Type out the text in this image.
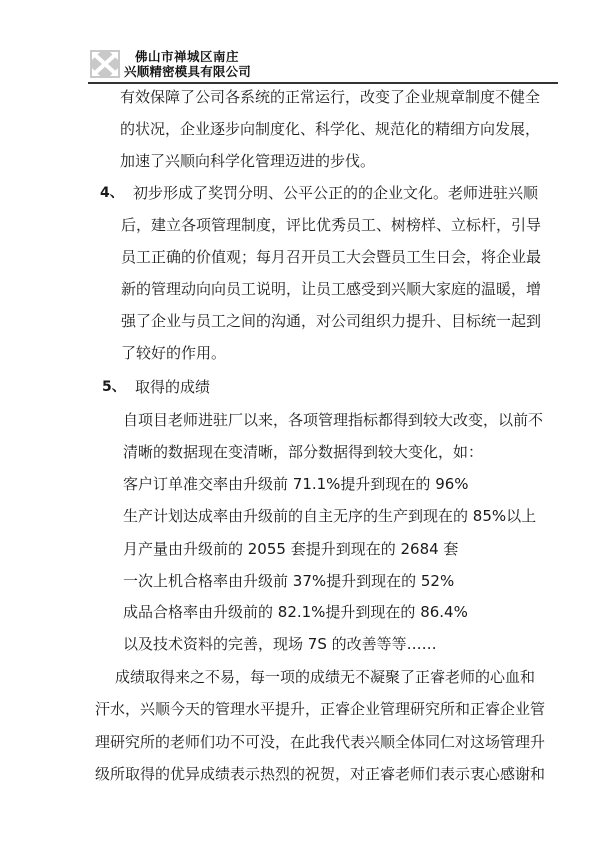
佛山市禅城区南庄
兴顺精密模具有限公司
有效保障了公司各系统的正常运行，改变了企业规章制度不健全
的状况，企业逐步向制度化、科学化、规范化的精细方向发展，
加速了兴顺向科学化管理迈进的步伐。
4、 初步形成了奖罚分明、公平公正的的企业文化。老师进驻兴顺
后，建立各项管理制度，评比优秀员工、树榜样、立标杆，引导
员工正确的价值观；每月召开员工大会暨员工生日会，将企业最
新的管理动向向员工说明，让员工感受到兴顺大家庭的温暖，增
强了企业与员工之间的沟通，对公司组织力提升、目标统一起到
了较好的作用。
5、 取得的成绩
自项目老师进驻厂以来，各项管理指标都得到较大改变，以前不
清晰的数据现在变清晰，部分数据得到较大变化，如：
客户订单准交率由升级前 71.1%提升到现在的 96%
生产计划达成率由升级前的自主无序的生产到现在的 85%以上
月产量由升级前的 2055 套提升到现在的 2684 套
一次上机合格率由升级前 37%提升到现在的 52%
成品合格率由升级前的 82.1%提升到现在的 86.4%
以及技术资料的完善，现场 7S 的改善等等……
成绩取得来之不易，每一项的成绩无不凝聚了正睿老师的心血和
汗水，兴顺今天的管理水平提升，正睿企业管理研究所和正睿企业管
理研究所的老师们功不可没，在此我代表兴顺全体同仁对这场管理升
级所取得的优异成绩表示热烈的祝贺，对正睿老师们表示衷心感谢和
